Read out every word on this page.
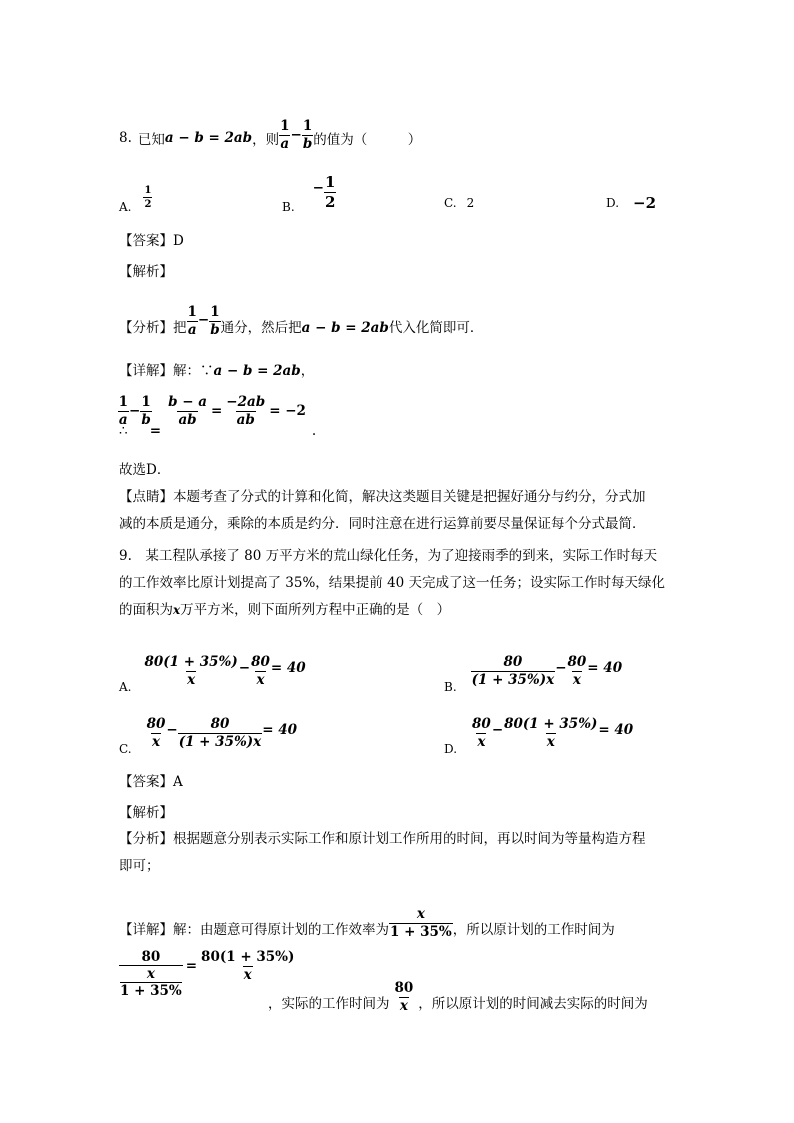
8. 已知 a − b = 2ab ，则 $\frac{1}{a} - \frac{1}{b}$ 的值为（　　　）
A. $\frac{1}{2}$	B.
− $\frac{1}{2}$	C. 2	D. −2
【答案】D
【解析】
【分析】把 $\frac{1}{a} - \frac{1}{b}$ 通分，然后把 a − b = 2ab 代入化简即可．
【详解】解：∵a − b = 2ab，
∴
$\frac{1}{a} - \frac{1}{b}$
=
$\frac{b - a}{ab} = \frac{-2ab}{ab} = -2$
.
故选D．
【点睛】本题考查了分式的计算和化简，解决这类题目关键是把握好通分与约分，分式加
减的本质是通分，乘除的本质是约分．同时注意在进行运算前要尽量保证每个分式最简．
9.　某工程队承接了 80 万平方米的荒山绿化任务，为了迎接雨季的到来，实际工作时每天
的工作效率比原计划提高了 35%，结果提前 40 天完成了这一任务；设实际工作时每天绿化
的面积为x万平方米，则下面所列方程中正确的是（　）
A. $\frac{80(1 + 35\%)}{x} - \frac{80}{x} = 40$
B. $\frac{80}{(1 + 35\%)x} - \frac{80}{x} = 40$
C. $\frac{80}{x} - \frac{80}{(1 + 35\%)x} = 40$
D. $\frac{80}{x} - \frac{80(1 + 35\%)}{x} = 40$
【答案】A
【解析】
【分析】根据题意分别表示实际工作和原计划工作所用的时间，再以时间为等量构造方程
即可；
【详解】解：由题意可得原计划的工作效率为 $\frac{x}{1 + 35\%}$ ，所以原计划的工作时间为
80
x
$1 + 35\% = \frac{80(1 + 35\%)}{x}$
，实际的工作时间为 $\frac{80}{x}$ ，所以原计划的时间减去实际的时间为
